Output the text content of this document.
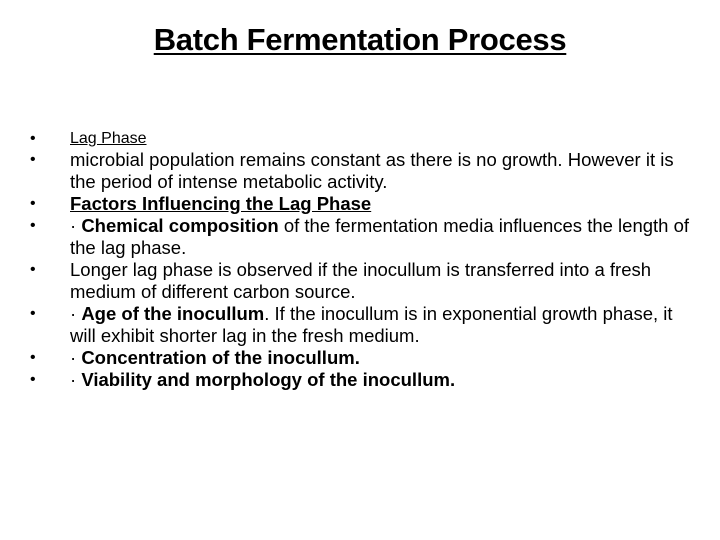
Batch Fermentation Process
•	Lag Phase
•	microbial population remains constant as there is no growth. However it is the period of intense metabolic activity.
•	Factors Influencing the Lag Phase
•	· Chemical composition of the fermentation media influences the length of the lag phase.
•	Longer lag phase is observed if the inocullum is transferred into a fresh medium of different carbon source.
•	· Age of the inocullum. If the inocullum is in exponential growth phase, it will exhibit shorter lag in the fresh medium.
•	· Concentration of the inocullum.
•	· Viability and morphology of the inocullum.
